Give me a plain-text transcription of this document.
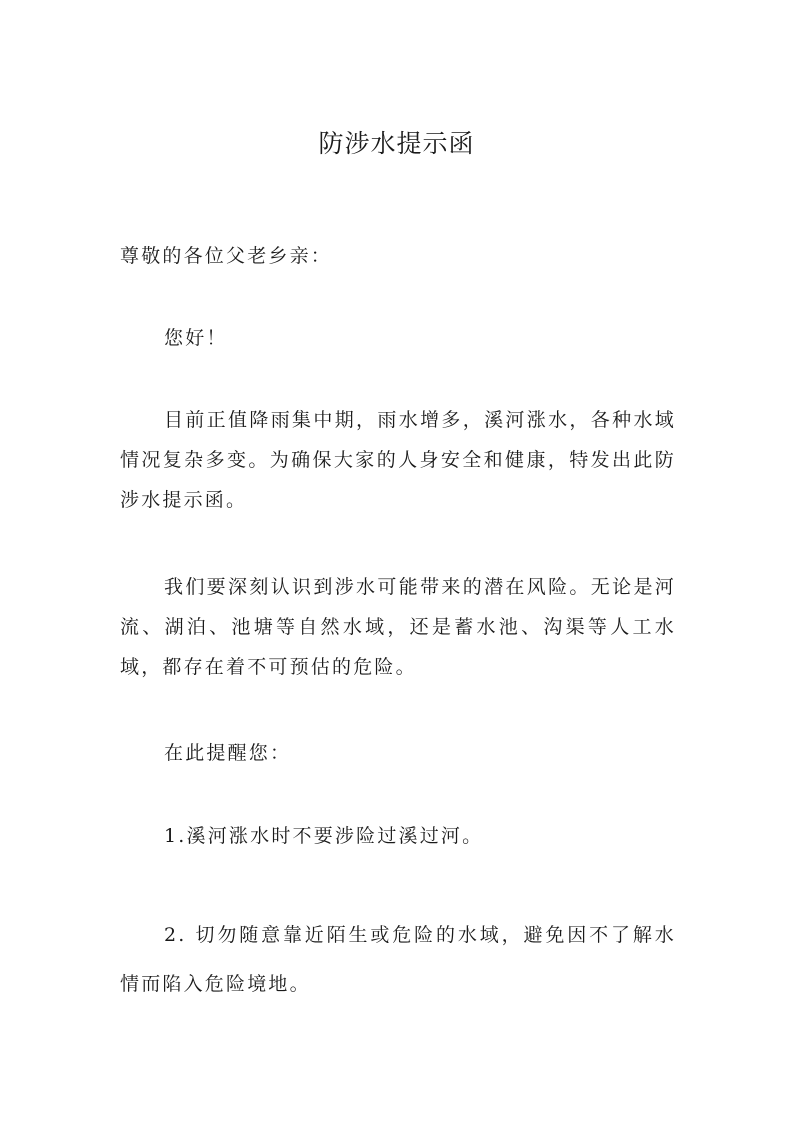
防涉水提示函

尊敬的各位父老乡亲：

您好！

目前正值降雨集中期，雨水增多，溪河涨水，各种水域情况复杂多变。为确保大家的人身安全和健康，特发出此防涉水提示函。

我们要深刻认识到涉水可能带来的潜在风险。无论是河流、湖泊、池塘等自然水域，还是蓄水池、沟渠等人工水域，都存在着不可预估的危险。

在此提醒您：

1.溪河涨水时不要涉险过溪过河。

2. 切勿随意靠近陌生或危险的水域，避免因不了解水情而陷入危险境地。
